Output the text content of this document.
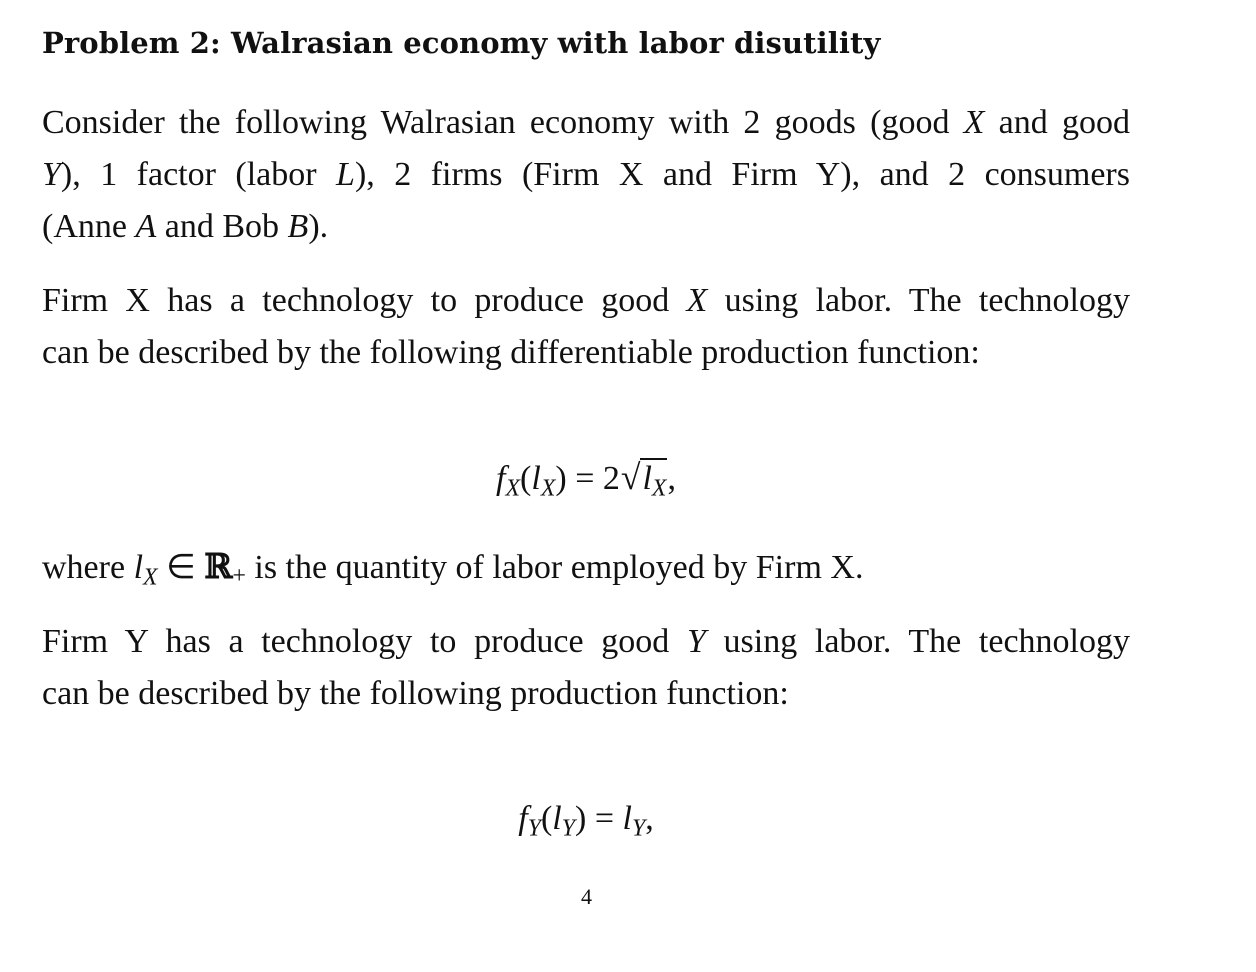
Problem 2: Walrasian economy with labor disutility

Consider the following Walrasian economy with 2 goods (good X and good
Y), 1 factor (labor L), 2 firms (Firm X and Firm Y), and 2 consumers
(Anne A and Bob B).

Firm X has a technology to produce good X using labor. The technology
can be described by the following differentiable production function:

$f_X(l_X) = 2√l_X$,

where $l_X$ ∈ ℝ+ is the quantity of labor employed by Firm X.

Firm Y has a technology to produce good Y using labor. The technology
can be described by the following production function:

$f_Y(l_Y) = l_Y$,
4
